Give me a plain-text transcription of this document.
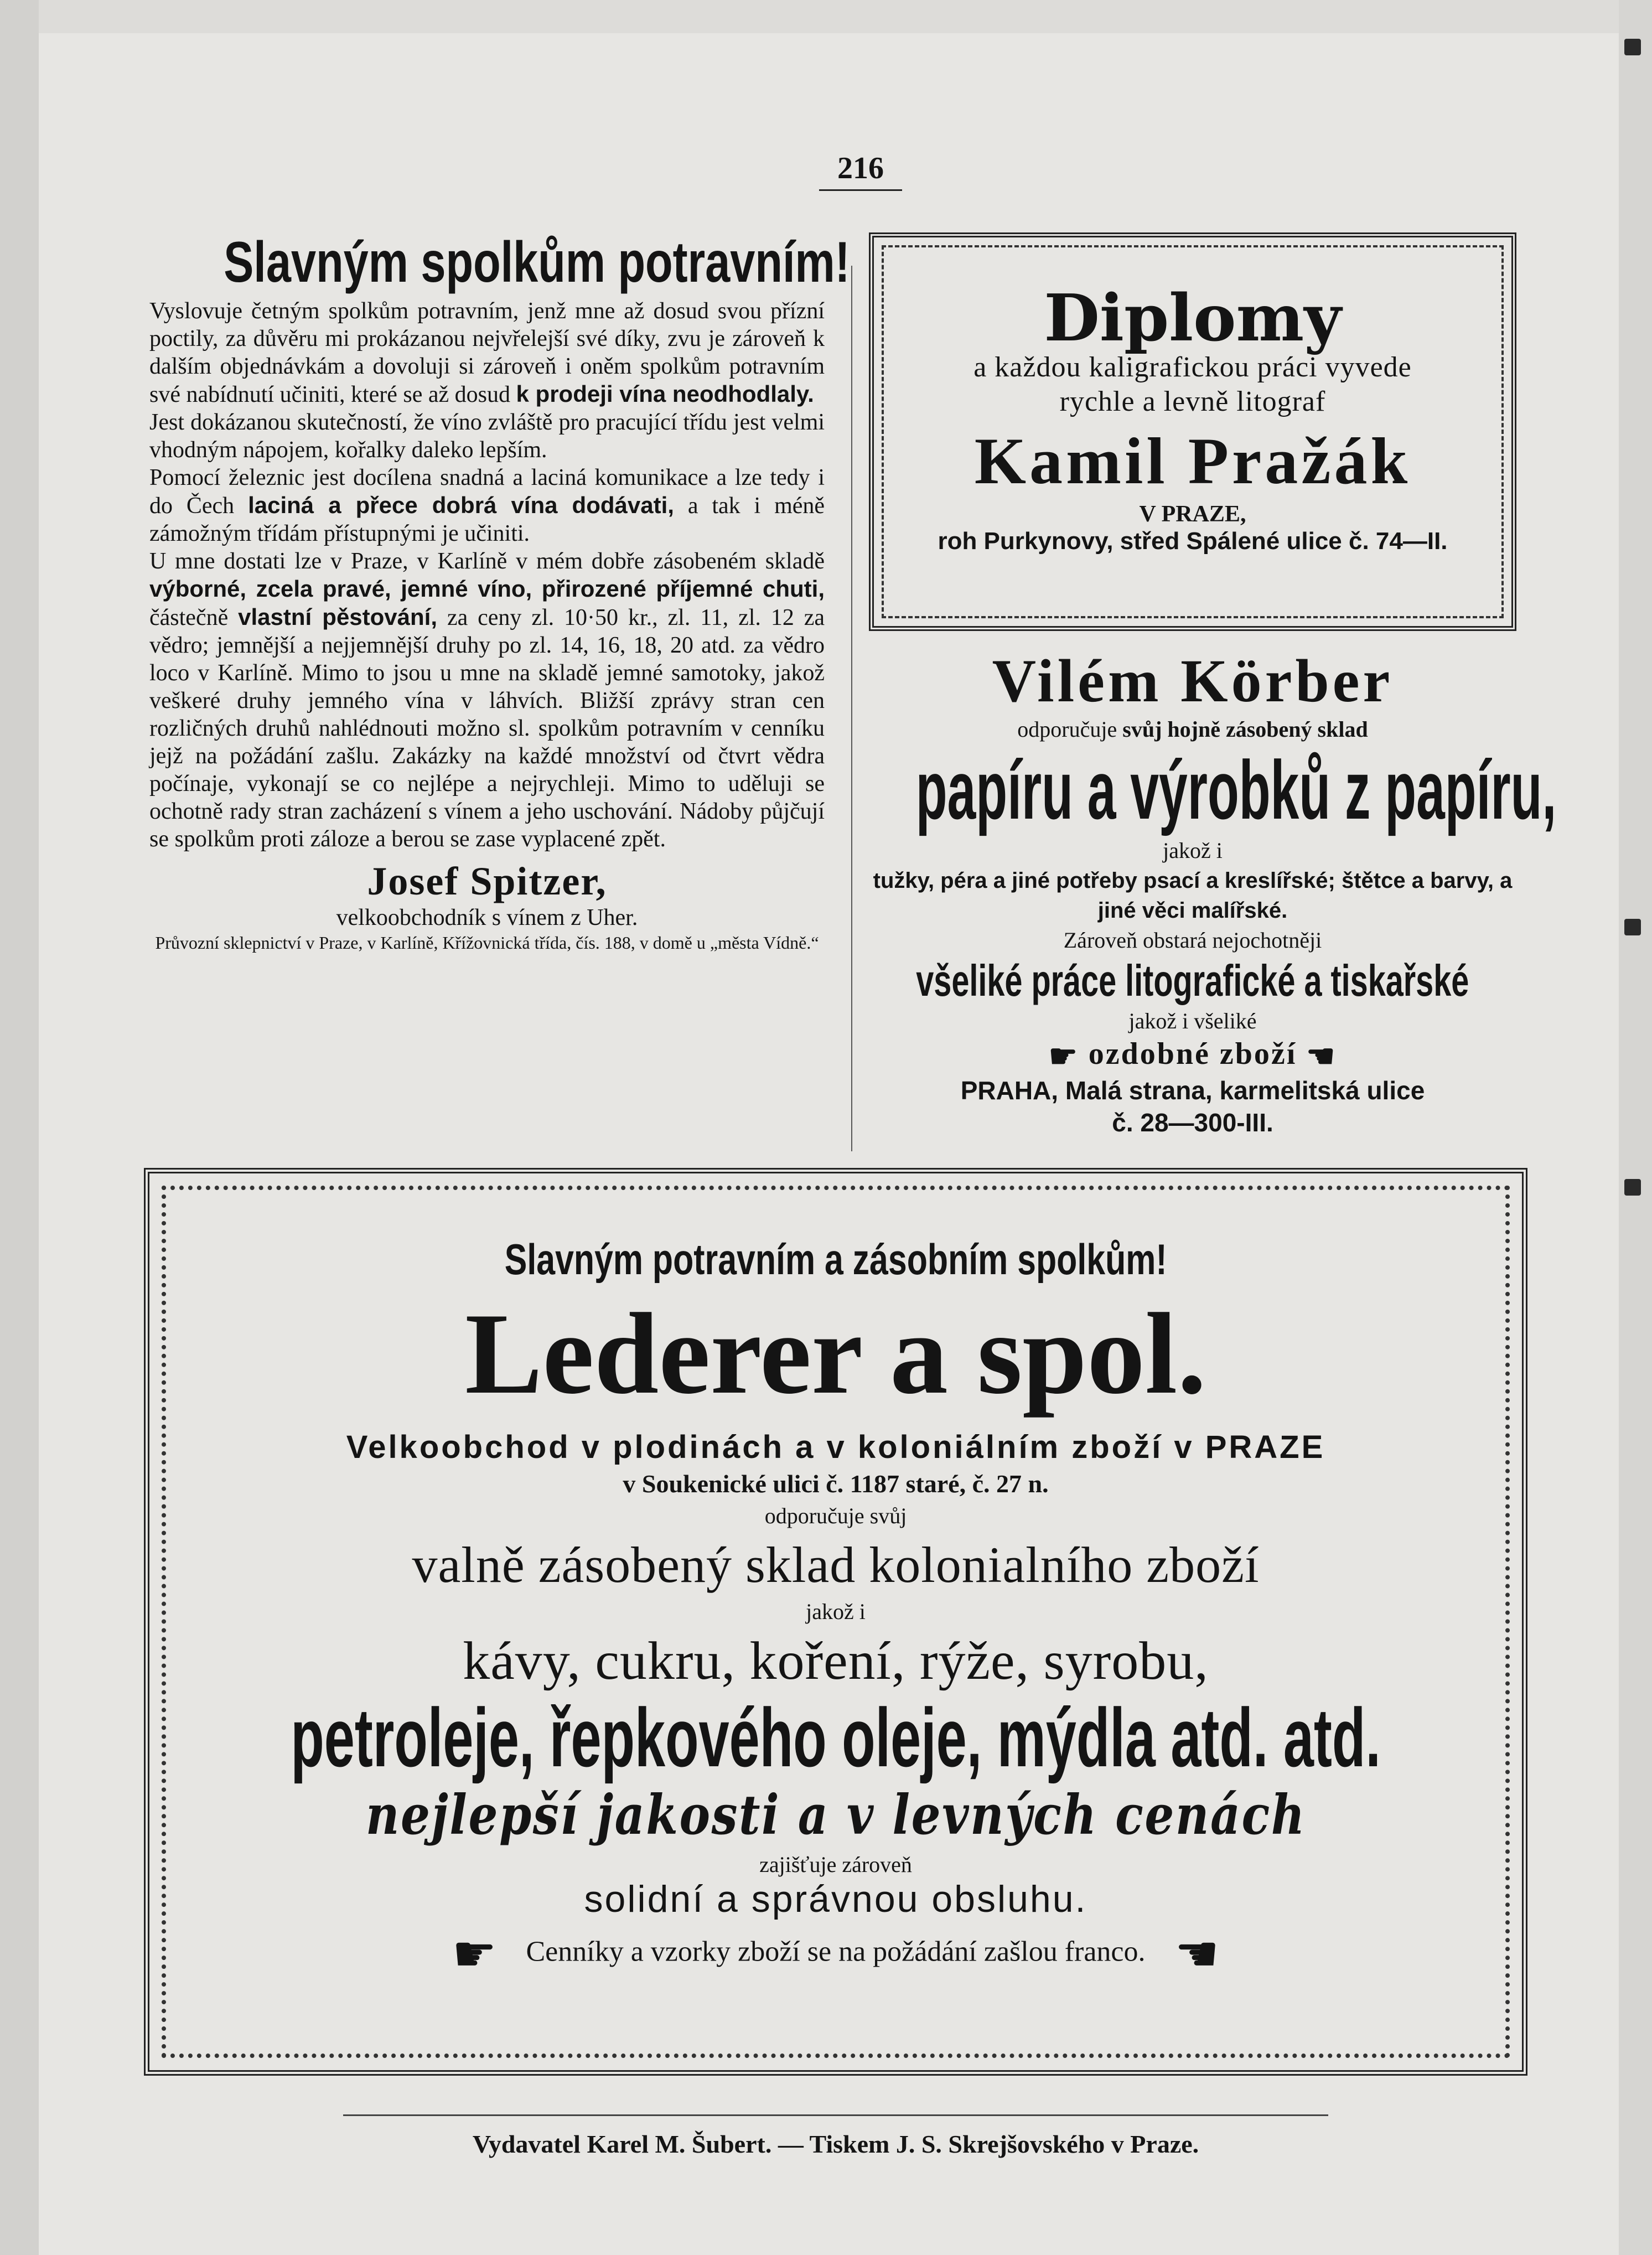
216
Slavným spolkům potravním!

Vyslovuje četným spolkům potravním, jenž mne až dosud svou přízní poctily, za důvěru mi prokázanou nejvřelejší své díky, zvu je zároveň k dalším objednávkám a dovoluji si zároveň i oněm spolkům potravním své nabídnutí učiniti, které se až dosud k prodeji vína neodhodlaly.

Jest dokázanou skutečností, že víno zvláště pro pracující třídu jest velmi vhodným nápojem, kořalky daleko lepším.

Pomocí železnic jest docílena snadná a laciná komunikace a lze tedy i do Čech laciná a přece dobrá vína dodávati, a tak i méně zámožným třídám přístupnými je učiniti.

U mne dostati lze v Praze, v Karlíně v mém dobře zásobeném skladě výborné, zcela pravé, jemné víno, přirozené příjemné chuti, částečně vlastní pěstování, za ceny zl. 10·50 kr., zl. 11, zl. 12 za vědro; jemnější a nejjemnější druhy po zl. 14, 16, 18, 20 atd. za vědro loco v Karlíně. Mimo to jsou u mne na skladě jemné samotoky, jakož veškeré druhy jemného vína v láhvích. Bližší zprávy stran cen rozličných druhů nahlédnouti možno sl. spolkům potravním v cenníku jejž na požádání zašlu. Zakázky na každé množství od čtvrt vědra počínaje, vykonají se co nejlépe a nejrychleji. Mimo to uděluji se ochotně rady stran zacházení s vínem a jeho uschování. Nádoby půjčují se spolkům proti záloze a berou se zase vyplacené zpět.

Josef Spitzer,
velkoobchodník s vínem z Uher.
Průvozní sklepnictví v Praze, v Karlíně, Křížovnická třída, čís. 188, v domě u „města Vídně.“
Diplomy
a každou kaligrafickou práci vyvede
rychle a levně litograf
Kamil Pražák
V PRAZE,
roh Purkynovy, střed Spálené ulice č. 74—II.
Vilém Körber
odporučuje svůj hojně zásobený sklad
papíru a výrobků z papíru,
jakož i
tužky, péra a jiné potřeby psací a kreslířské; štětce a barvy, a jiné věci malířské.
Zároveň obstará nejochotněji
všeliké práce litografické a tiskařské
jakož i všeliké
☛ ozdobné zboží ☚
PRAHA, Malá strana, karmelitská ulice
č. 28—300-III.
Slavným potravním a zásobním spolkům!
Lederer a spol.
Velkoobchod v plodinách a v koloniálním zboží v PRAZE
v Soukenické ulici č. 1187 staré, č. 27 n.
odporučuje svůj
valně zásobený sklad kolonialního zboží
jakož i
kávy, cukru, koření, rýže, syrobu,
petroleje, řepkového oleje, mýdla atd. atd.
nejlepší jakosti a v levných cenách
zajišťuje zároveň
solidní a správnou obsluhu.
☛ Cenníky a vzorky zboží se na požádání zašlou franco. ☚
Vydavatel Karel M. Šubert. — Tiskem J. S. Skrejšovského v Praze.
